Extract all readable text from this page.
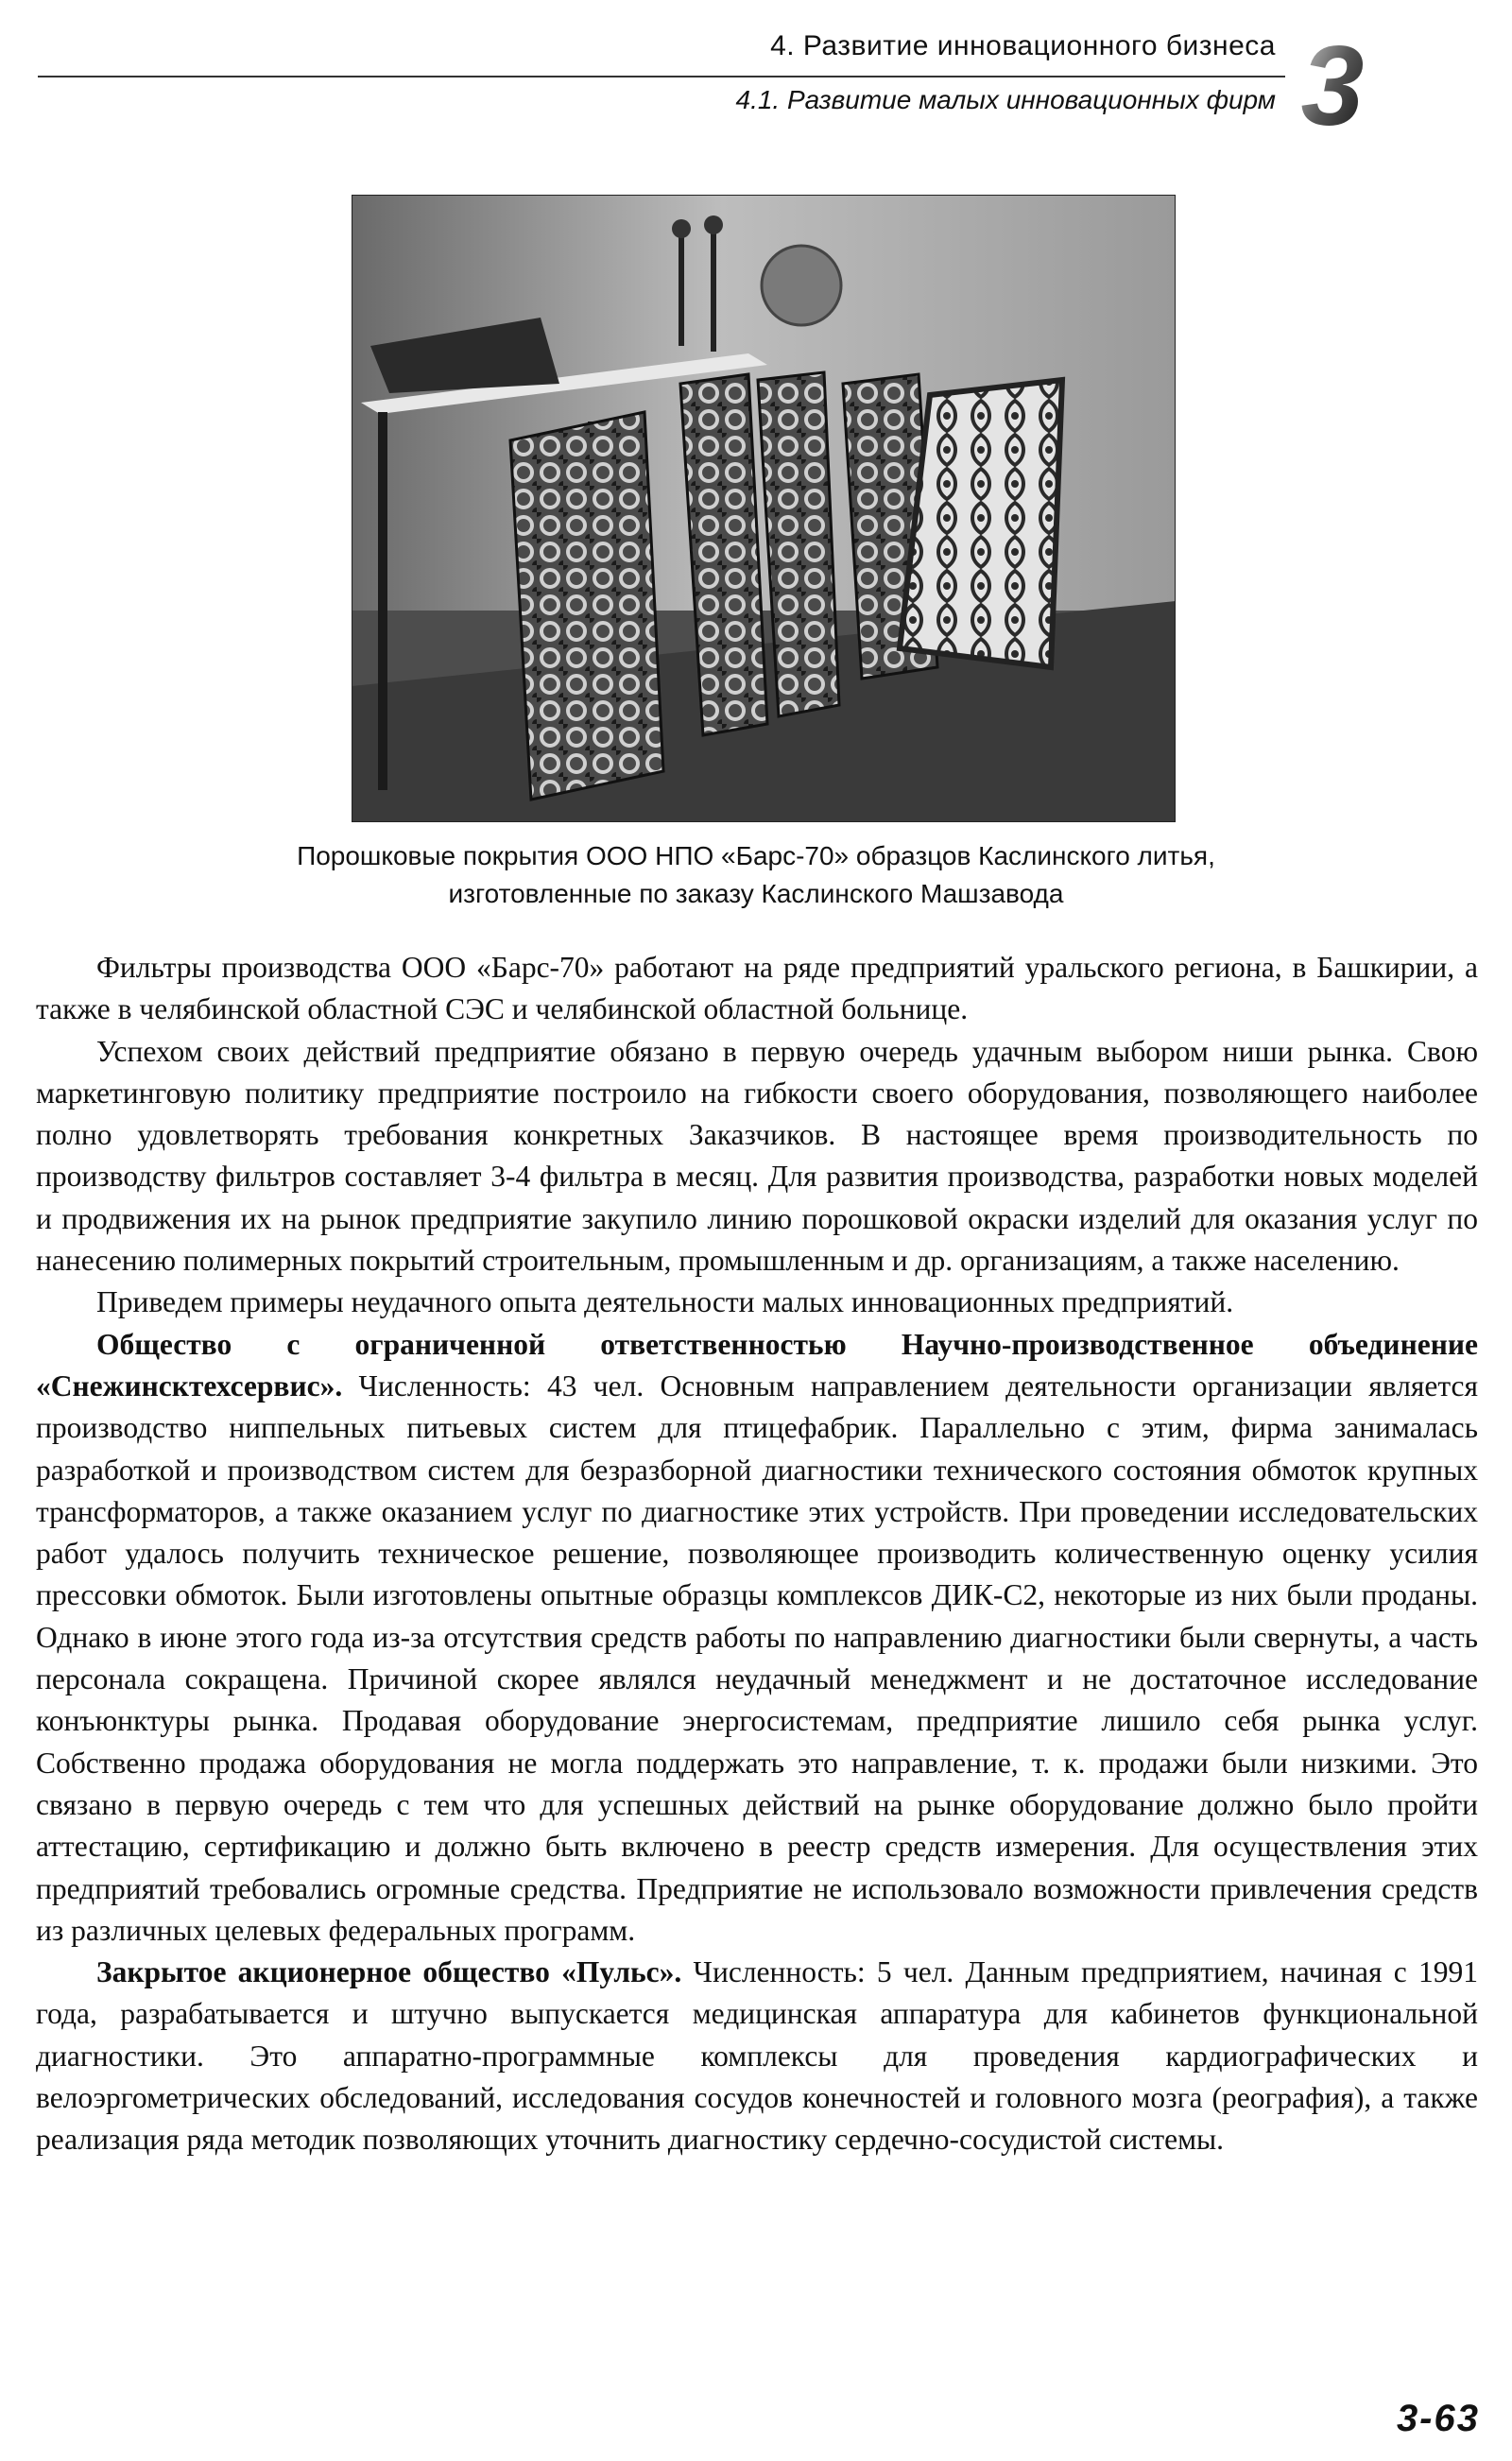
4. Развитие инновационного бизнеса
4.1. Развитие малых инновационных фирм 3
Порошковые покрытия ООО НПО «Барс-70» образцов Каслинского литья,
изготовленные по заказу Каслинского Машзавода

Фильтры производства ООО «Барс-70» работают на ряде предприятий уральского региона, в Башкирии, а также в челябинской областной СЭС и челябинской областной больнице.

Успехом своих действий предприятие обязано в первую очередь удачным выбором ниши рынка. Свою маркетинговую политику предприятие построило на гибкости своего оборудования, позволяющего наиболее полно удовлетворять требования конкретных Заказчиков. В настоящее время производительность по производству фильтров составляет 3-4 фильтра в месяц. Для развития производства, разработки новых моделей и продвижения их на рынок предприятие закупило линию порошковой окраски изделий для оказания услуг по нанесению полимерных покрытий строительным, промышленным и др. организациям, а также населению.

Приведем примеры неудачного опыта деятельности малых инновационных предприятий.

Общество с ограниченной ответственностью Научно-производственное объединение «Снежинсктехсервис». Численность: 43 чел. Основным направлением деятельности организации является производство ниппельных питьевых систем для птицефабрик. Параллельно с этим, фирма занималась разработкой и производством систем для безразборной диагностики технического состояния обмоток крупных трансформаторов, а также оказанием услуг по диагностике этих устройств. При проведении исследовательских работ удалось получить техническое решение, позволяющее производить количественную оценку усилия прессовки обмоток. Были изготовлены опытные образцы комплексов ДИК-С2, некоторые из них были проданы. Однако в июне этого года из-за отсутствия средств работы по направлению диагностики были свернуты, а часть персонала сокращена. Причиной скорее являлся неудачный менеджмент и не достаточное исследование конъюнктуры рынка. Продавая оборудование энергосистемам, предприятие лишило себя рынка услуг. Собственно продажа оборудования не могла поддержать это направление, т. к. продажи были низкими. Это связано в первую очередь с тем что для успешных действий на рынке оборудование должно было пройти аттестацию, сертификацию и должно быть включено в реестр средств измерения. Для осуществления этих предприятий требовались огромные средства. Предприятие не использовало возможности привлечения средств из различных целевых федеральных программ.

Закрытое акционерное общество «Пульс». Численность: 5 чел. Данным предприятием, начиная с 1991 года, разрабатывается и штучно выпускается медицинская аппаратура для кабинетов функциональной диагностики. Это аппаратно-программные комплексы для проведения кардиографических и велоэргометрических обследований, исследования сосудов конечностей и головного мозга (реография), а также реализация ряда методик позволяющих уточнить диагностику сердечно-сосудистой системы.

3-63
